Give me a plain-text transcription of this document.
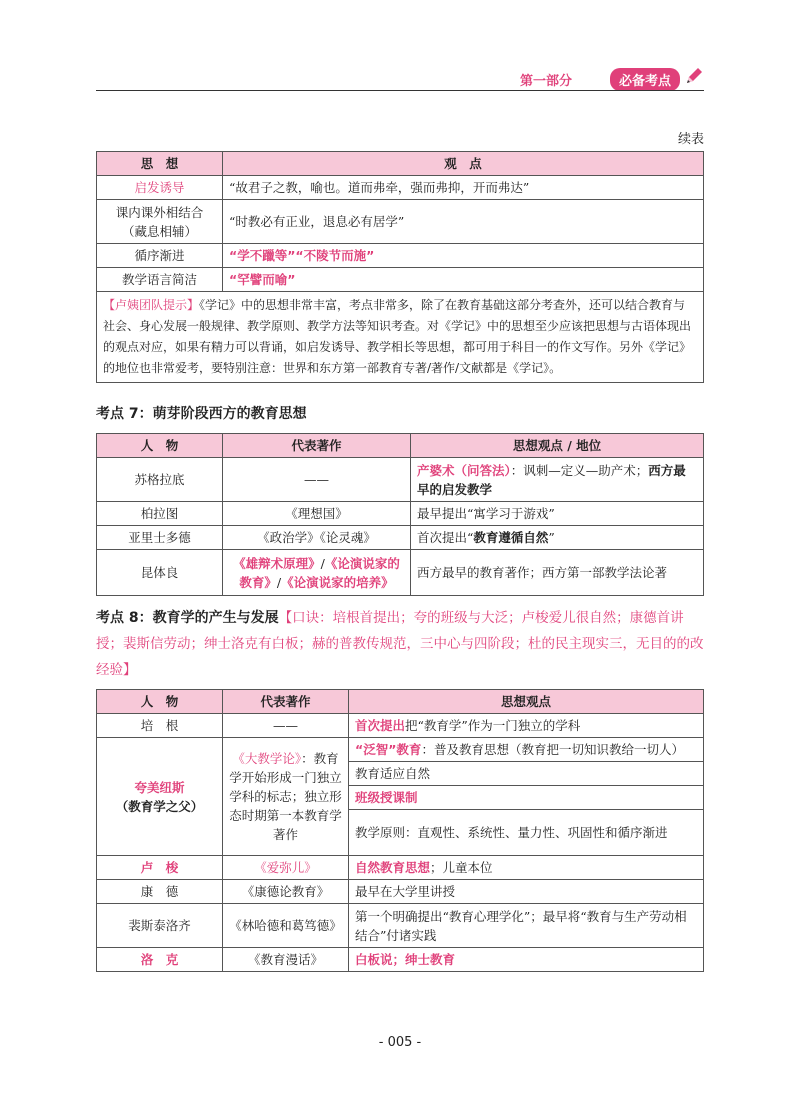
第一部分	必备考点
续表
思　想	观　点
启发诱导	“故君子之教，喻也。道而弗牵，强而弗抑，开而弗达”

课内课外相结合
（藏息相辅）	“时教必有正业，退息必有居学”
循序渐进	“学不躐等”“不陵节而施”
教学语言简洁	“罕譬而喻”
【卢姨团队提示】《学记》中的思想非常丰富，考点非常多，除了在教育基础这部分考查外，还可以结合教育与社会、身心发展一般规律、教学原则、教学方法等知识考查。对《学记》中的思想至少应该把思想与古语体现出的观点对应，如果有精力可以背诵，如启发诱导、教学相长等思想，都可用于科目一的作文写作。另外《学记》的地位也非常爱考，要特别注意：世界和东方第一部教育专著/著作/文献都是《学记》。	
考点 7：萌芽阶段西方的教育思想
人　物	代表著作	思想观点 / 地位
苏格拉底	——	产婆术（问答法）：讽刺—定义—助产术；西方最早的启发教学
柏拉图	《理想国》	最早提出“寓学习于游戏”
亚里士多德	《政治学》《论灵魂》	首次提出“教育遵循自然”
昆体良	《雄辩术原理》/《论演说家的教育》/《论演说家的培养》	西方最早的教育著作；西方第一部教学法论著
考点 8：教育学的产生与发展【口诀：培根首提出；夸的班级与大泛；卢梭爱儿很自然；康德首讲授；裴斯信劳动；绅士洛克有白板；赫的普教传规范，三中心与四阶段；杜的民主现实三，无目的的改经验】
人　物	代表著作	思想观点
培　根	——	首次提出把“教育学”作为一门独立的学科

夸美纽斯
（教育学之父）	《大教学论》：教育学开始形成一门独立学科的标志；独立形态时期第一本教育学著作	“泛智”教育：普及教育思想（教育把一切知识教给一切人）
		教育适应自然
		班级授课制
		教学原则：直观性、系统性、量力性、巩固性和循序渐进
卢　梭	《爱弥儿》	自然教育思想；儿童本位
康　德	《康德论教育》	最早在大学里讲授
裴斯泰洛齐	《林哈德和葛笃德》	第一个明确提出“教育心理学化”；最早将“教育与生产劳动相结合”付诸实践
洛　克	《教育漫话》	白板说；绅士教育
- 005 -
